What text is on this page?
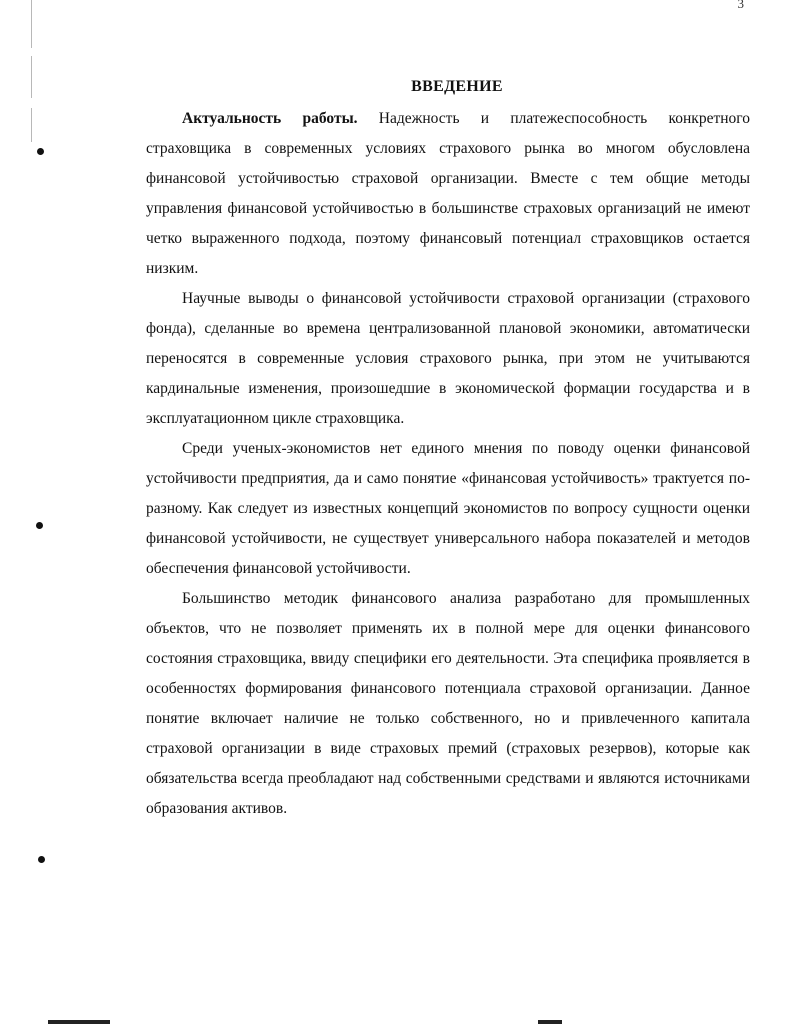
3
ВВЕДЕНИЕ

Актуальность работы. Надежность и платежеспособность конкретного страховщика в современных условиях страхового рынка во многом обусловлена финансовой устойчивостью страховой организации. Вместе с тем общие методы управления финансовой устойчивостью в большинстве страховых организаций не имеют четко выраженного подхода, поэтому финансовый потенциал страховщиков остается низким.

Научные выводы о финансовой устойчивости страховой организации (страхового фонда), сделанные во времена централизованной плановой экономики, автоматически переносятся в современные условия страхового рынка, при этом не учитываются кардинальные изменения, произошедшие в экономической формации государства и в эксплуатационном цикле страховщика.

Среди ученых-экономистов нет единого мнения по поводу оценки финансовой устойчивости предприятия, да и само понятие «финансовая устойчивость» трактуется по-разному. Как следует из известных концепций экономистов по вопросу сущности оценки финансовой устойчивости, не существует универсального набора показателей и методов обеспечения финансовой устойчивости.

Большинство методик финансового анализа разработано для промышленных объектов, что не позволяет применять их в полной мере для оценки финансового состояния страховщика, ввиду специфики его деятельности. Эта специфика проявляется в особенностях формирования финансового потенциала страховой организации. Данное понятие включает наличие не только собственного, но и привлеченного капитала страховой организации в виде страховых премий (страховых резервов), которые как обязательства всегда преобладают над собственными средствами и являются источниками образования активов.
